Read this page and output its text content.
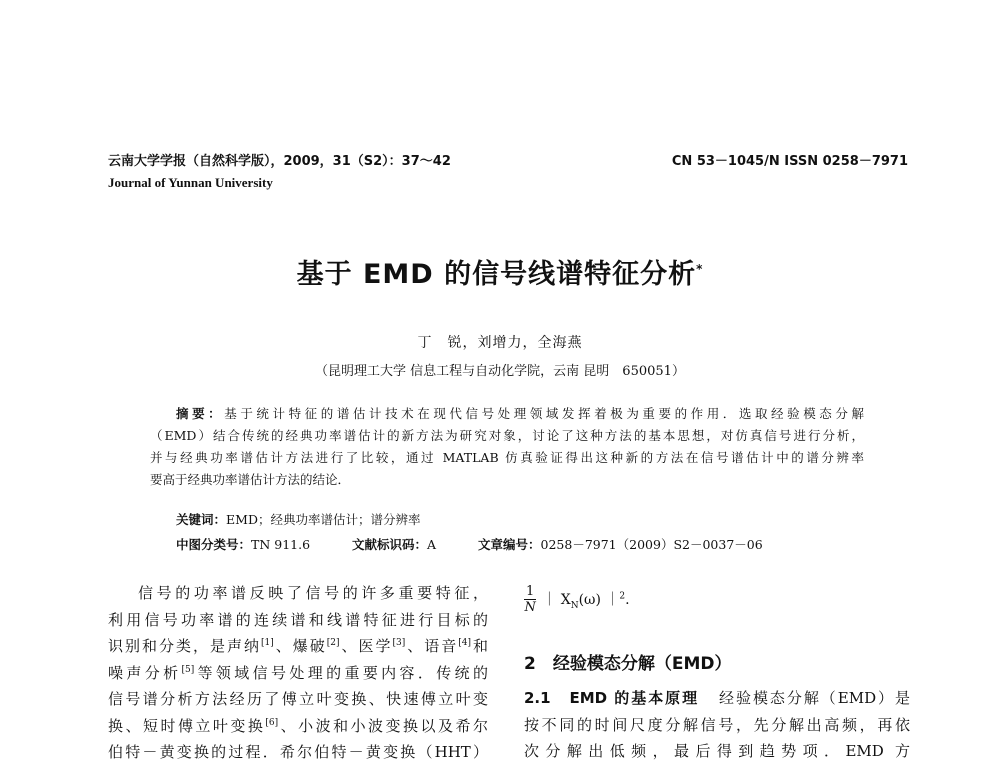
云南大学学报（自然科学版），2009，31（S2）：37～42	CN 53－1045/N ISSN 0258－7971
Journal of Yunnan University
基于 EMD 的信号线谱特征分析*
丁　锐，刘增力，全海燕
（昆明理工大学 信息工程与自动化学院，云南 昆明　650051）
摘要：基于统计特征的谱估计技术在现代信号处理领域发挥着极为重要的作用．选取经验模态分解
（EMD）结合传统的经典功率谱估计的新方法为研究对象，讨论了这种方法的基本思想，对仿真信号进行分析，
并与经典功率谱估计方法进行了比较，通过 MATLAB 仿真验证得出这种新的方法在信号谱估计中的谱分辨率
要高于经典功率谱估计方法的结论．
关键词：EMD；经典功率谱估计；谱分辨率
中图分类号：TN 911.6	文献标识码：A	文章编号：0258－7971（2009）S2－0037－06
信号的功率谱反映了信号的许多重要特征，
利用信号功率谱的连续谱和线谱特征进行目标的
识别和分类，是声纳[1]、爆破[2]、医学[3]、语音[4]和
噪声分析[5]等领域信号处理的重要内容．传统的
信号谱分析方法经历了傅立叶变换、快速傅立叶变
换、短时傅立叶变换[6]、小波和小波变换以及希尔
伯特－黄变换的过程．希尔伯特－黄变换（HHT）
$\frac{1}{N}$ ｜ $X_N(\omega)$ ｜$^2$.
2　经验模态分解（EMD）
2.1　EMD 的基本原理 经验模态分解（EMD）是
按不同的时间尺度分解信号，先分解出高频，再依
次分解出低频，最后得到趋势项．EMD 方
